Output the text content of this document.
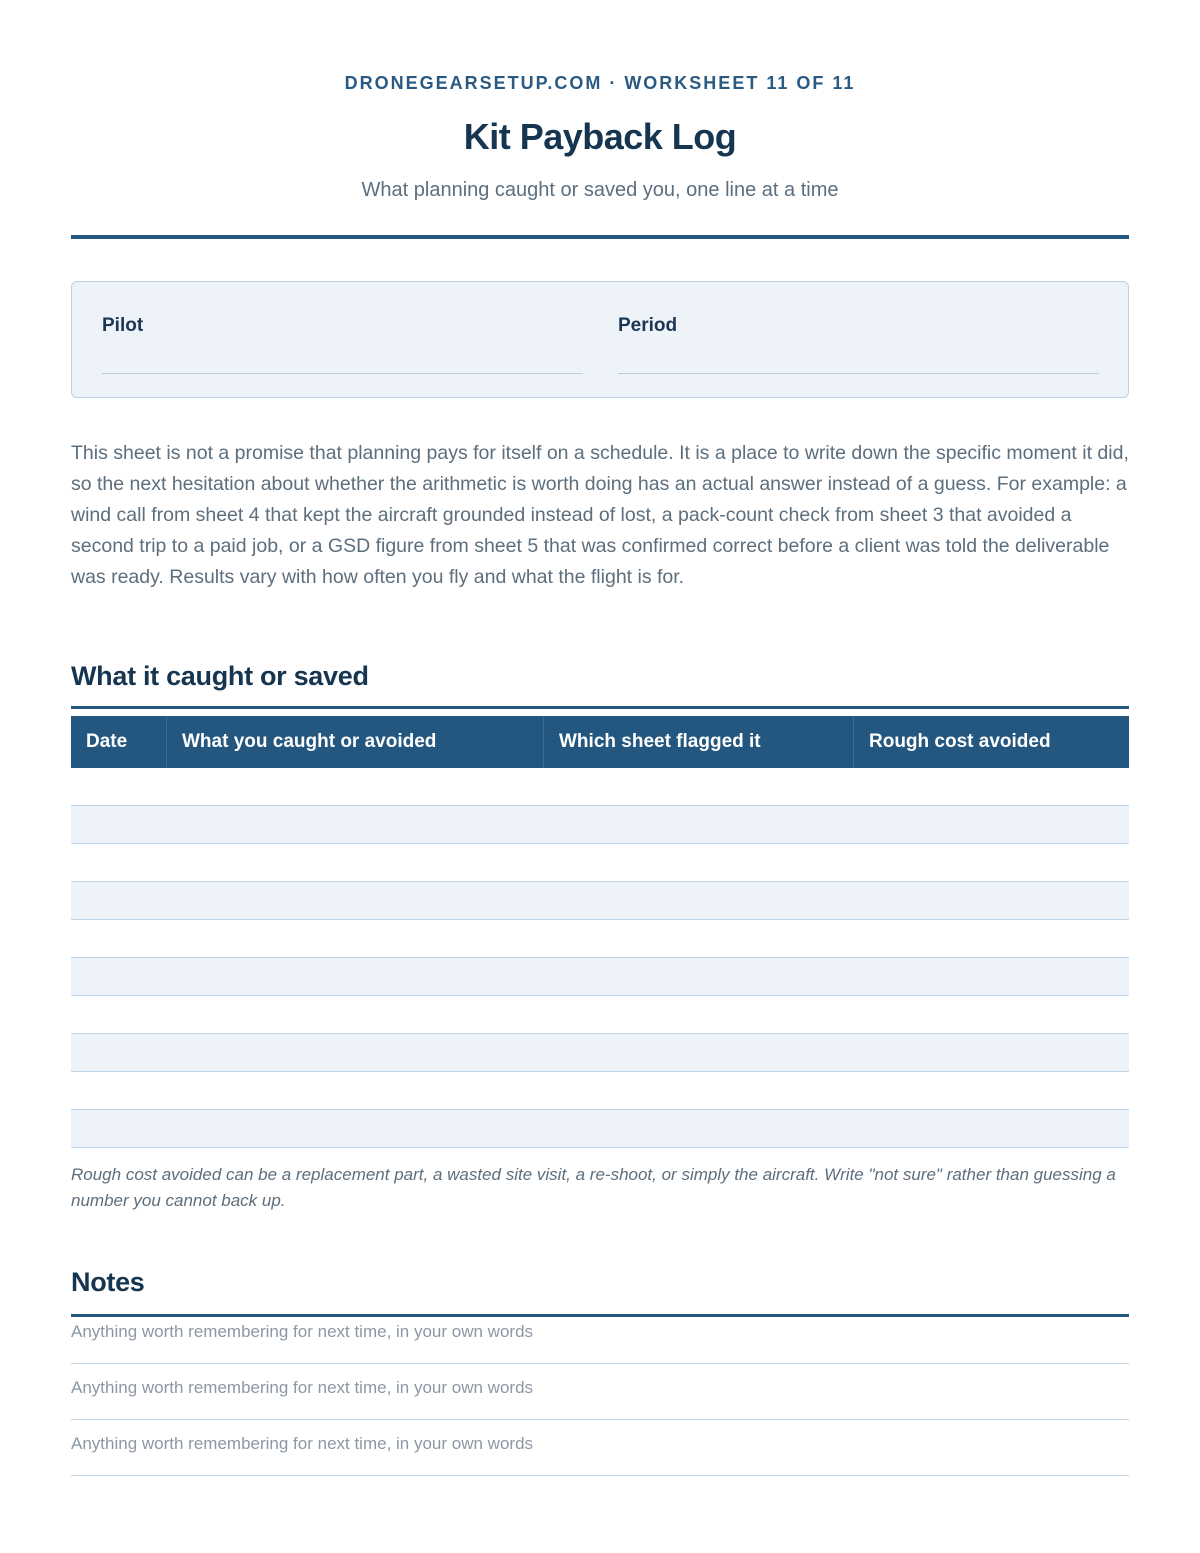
DRONEGEARSETUP.COM · WORKSHEET 11 OF 11
Kit Payback Log
What planning caught or saved you, one line at a time
Pilot	Period
This sheet is not a promise that planning pays for itself on a schedule. It is a place to write down the specific moment it did, so the next hesitation about whether the arithmetic is worth doing has an actual answer instead of a guess. For example: a wind call from sheet 4 that kept the aircraft grounded instead of lost, a pack-count check from sheet 3 that avoided a second trip to a paid job, or a GSD figure from sheet 5 that was confirmed correct before a client was told the deliverable was ready. Results vary with how often you fly and what the flight is for.
What it caught or saved
Date	What you caught or avoided	Which sheet flagged it	Rough cost avoided
Rough cost avoided can be a replacement part, a wasted site visit, a re-shoot, or simply the aircraft. Write "not sure" rather than guessing a number you cannot back up.
Notes
Anything worth remembering for next time, in your own words
Anything worth remembering for next time, in your own words
Anything worth remembering for next time, in your own words
